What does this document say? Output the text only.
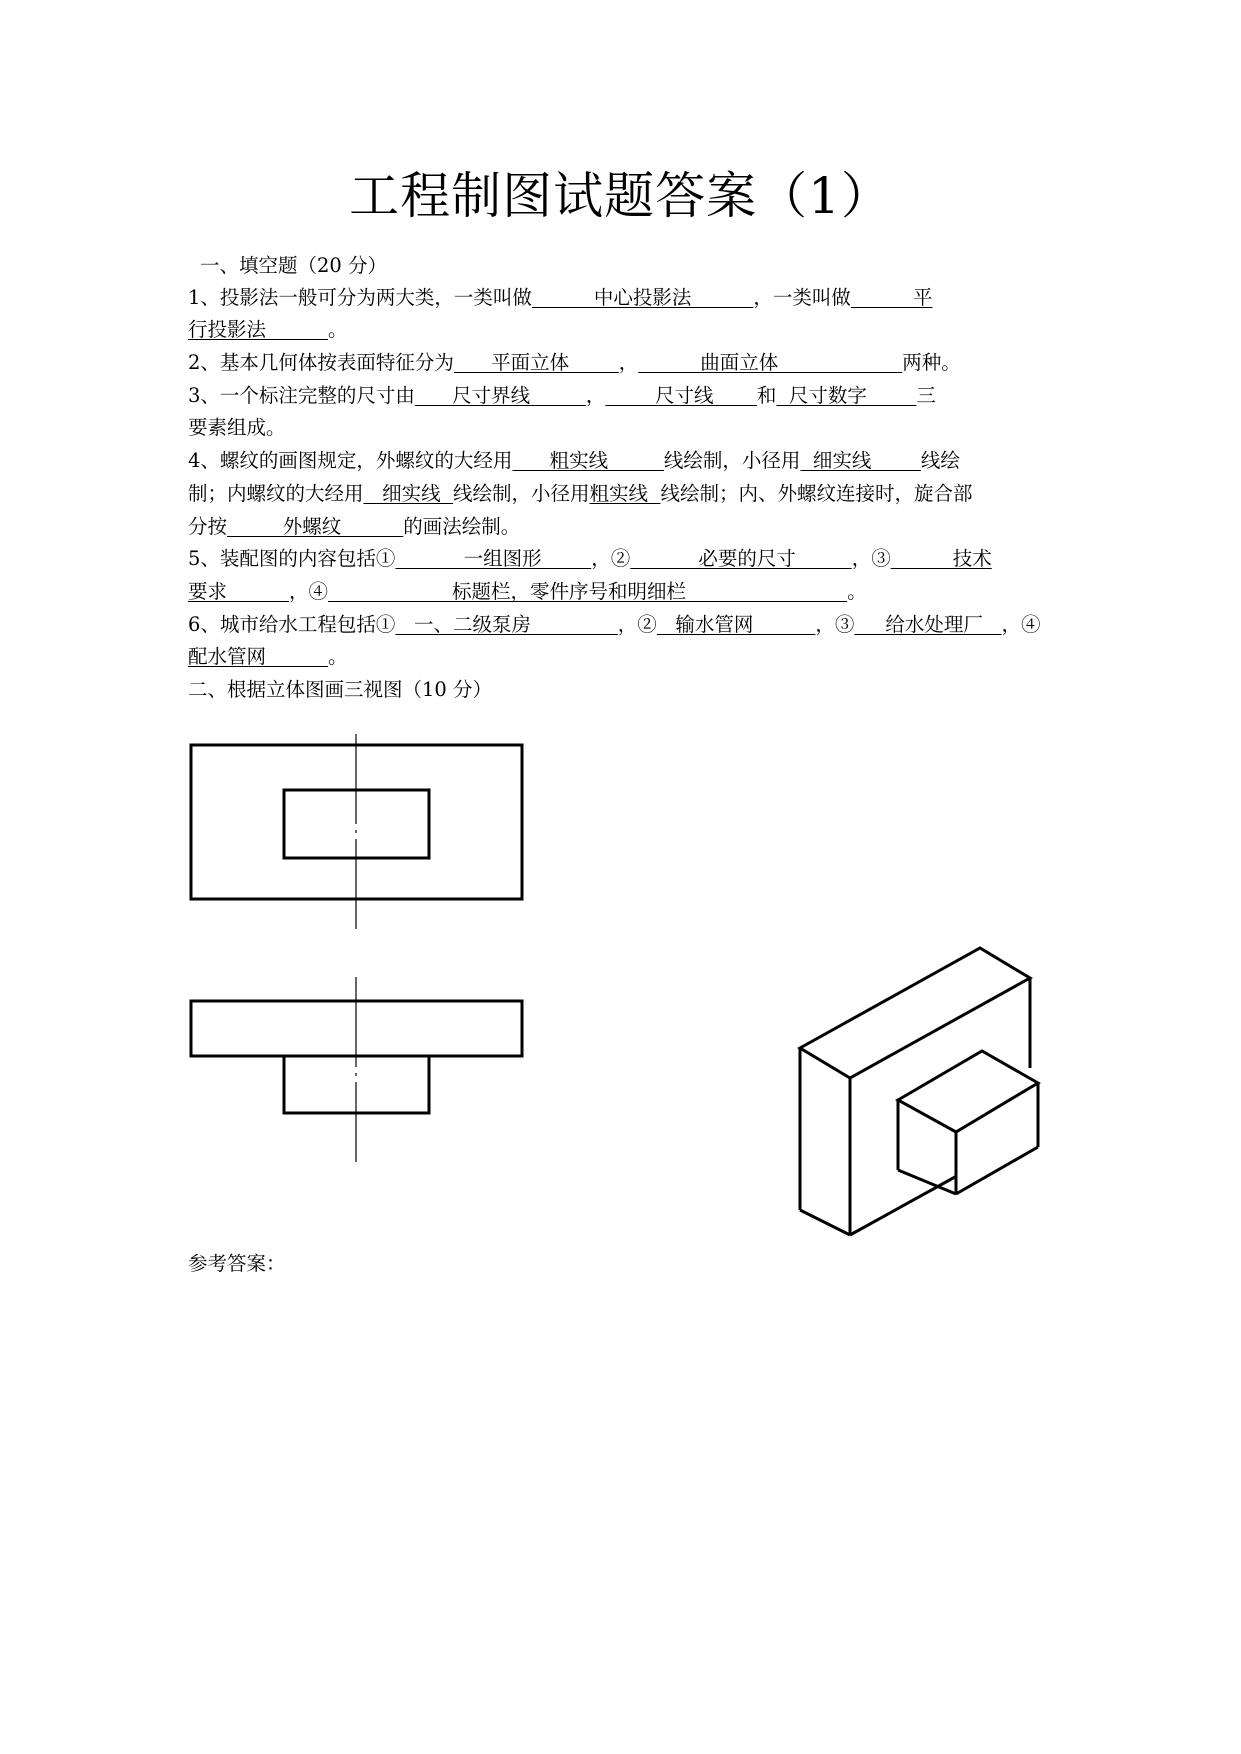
工程制图试题答案（1）
一、填空题（20 分）
1、投影法一般可分为两大类，一类叫做          中心投影法          ，一类叫做          平
行投影法          。
2、基本几何体按表面特征分为      平面立体        ，          曲面立体                    两种。
3、一个标注完整的尺寸由      尺寸界线         ，        尺寸线       和  尺寸数字        三
要素组成。
4、螺纹的画图规定，外螺纹的大经用      粗实线         线绘制，小径用  细实线        线绘
制；内螺纹的大经用   细实线  线绘制，小径用粗实线  线绘制；内、外螺纹连接时，旋合部
分按         外螺纹          的画法绘制。
5、装配图的内容包括①           一组图形        ，②           必要的尺寸         ，③          技术
要求          ，④                    标题栏，零件序号和明细栏                          。
6、城市给水工程包括①   一、二级泵房              ，②   输水管网          ，③     给水处理厂   ，④
配水管网          。
二、根据立体图画三视图（10 分）
参考答案：
